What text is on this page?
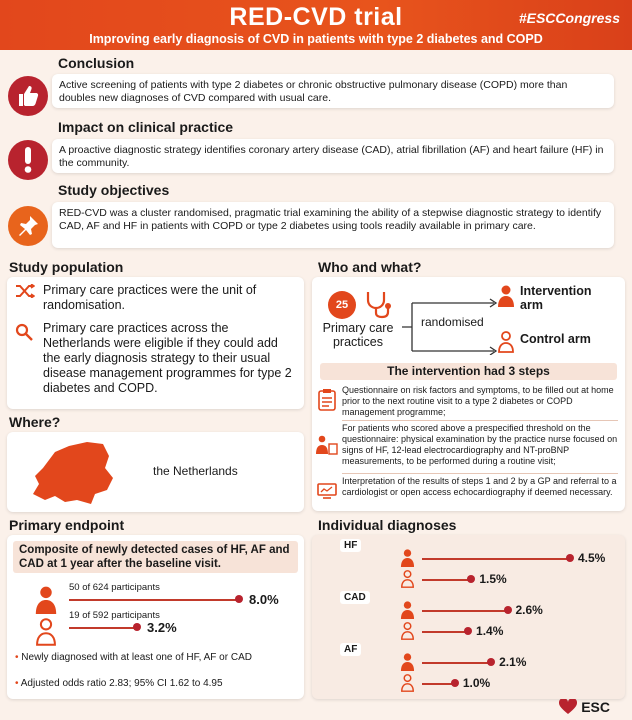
RED-CVD trial	#ESCCongress
Improving early diagnosis of CVD in patients with type 2 diabetes and COPD
Conclusion
Active screening of patients with type 2 diabetes or chronic obstructive pulmonary disease (COPD) more than doubles new diagnoses of CVD compared with usual care.
Impact on clinical practice
A proactive diagnostic strategy identifies coronary artery disease (CAD), atrial fibrillation (AF) and heart failure (HF) in the community.
Study objectives
RED-CVD was a cluster randomised, pragmatic trial examining the ability of a stepwise diagnostic strategy to identify CAD, AF and HF in patients with COPD or type 2 diabetes using tools readily available in primary care.
Study population
Primary care practices were the unit of randomisation.
Primary care practices across the Netherlands were eligible if they could add the early diagnosis strategy to their usual disease management programmes for type 2 diabetes and COPD.
Where?
the Netherlands
Who and what?
25
Primary care practices
randomised
Intervention arm
Control arm
The intervention had 3 steps
Questionnaire on risk factors and symptoms, to be filled out at home prior to the next routine visit to a type 2 diabetes or COPD management programme;
For patients who scored above a prespecified threshold on the questionnaire: physical examination by the practice nurse focused on signs of HF, 12-lead electrocardiography and NT-proBNP measurements, to be performed during a routine visit;
Interpretation of the results of steps 1 and 2 by a GP and referral to a cardiologist or open access echocardiography if deemed necessary.
Primary endpoint
Composite of newly detected cases of HF, AF and CAD at 1 year after the baseline visit.
50 of 624 participants
8.0%
19 of 592 participants
3.2%
• Newly diagnosed with at least one of HF, AF or CAD
• Adjusted odds ratio 2.83; 95% CI 1.62 to 4.95
Individual diagnoses
HF
4.5%
1.5%
CAD
2.6%
1.4%
AF
2.1%
1.0%
ESC
